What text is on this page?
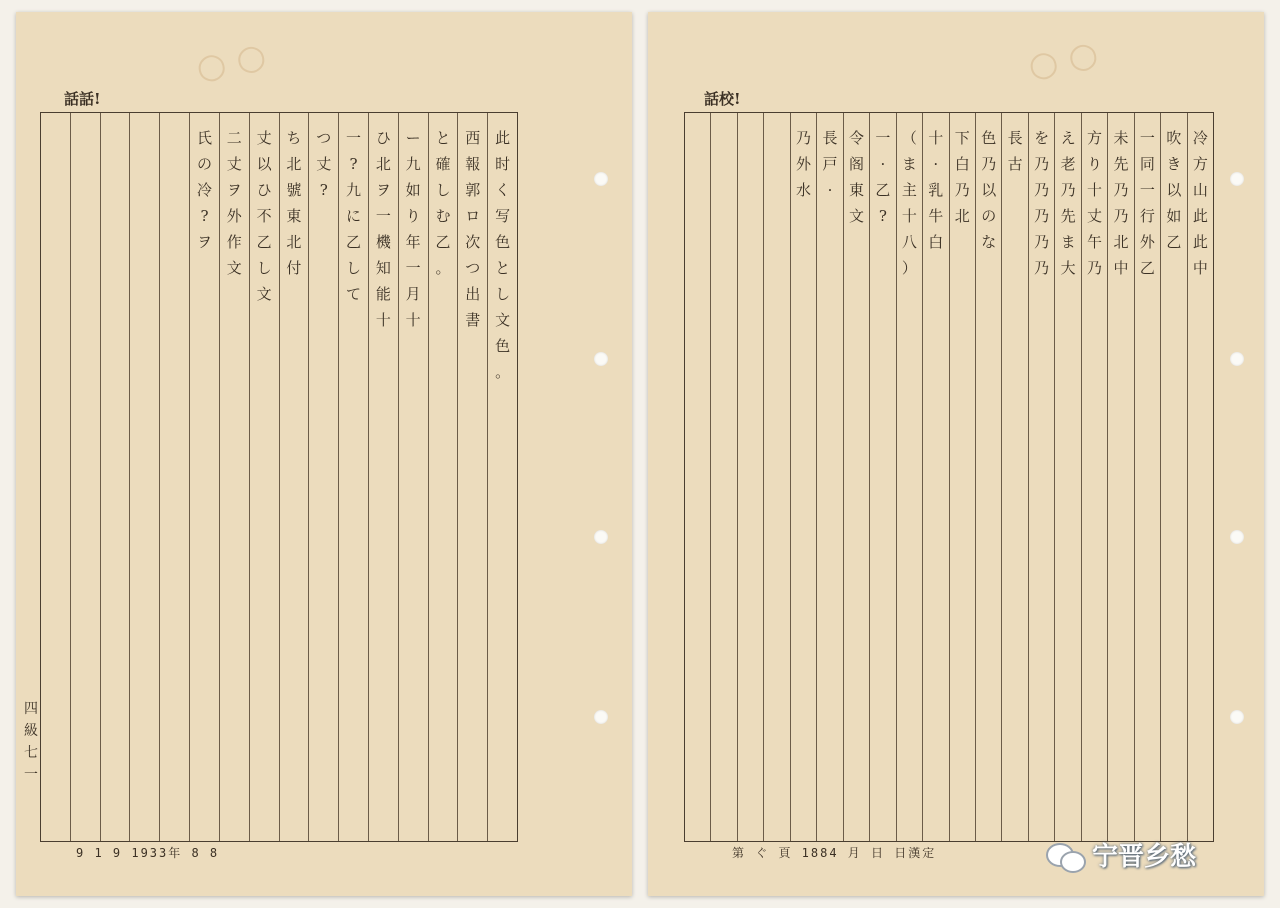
○ ○
話話!
氏
の
冷
?
ヲ
二
丈
ヲ
外
作
文
丈
以
ひ
不
乙
し
文
ち
北
號
東
北
付
つ
丈
?
一
?
九
に
乙
し
て
ひ
北
ヲ
一
機
知
能
十
ー
九
如
り
年
一
月
十
と
確
し
む
乙
。
西
報
郭
ロ
次
つ
出
書
此
时
く
写
色
と
し
文
色
。
四
級
七
一
9 1 9 1933年 8 8
○ ○
話校!
乃
外
水
長
戸
·
令
阁
東
文
一
·
乙
?
（
ま
主
十
八
）
十
·
乳
牛
白
下
白
乃
北
色
乃
以
の
な
長
古
を
乃
乃
乃
乃
乃
え
老
乃
先
ま
大
方
り
十
丈
午
乃
未
先
乃
乃
北
中
一
同
一
行
外
乙
吹
き
以
如
乙
冷
方
山
此
此
中
第 ぐ 頁 1884 月 日 日漢定	宁晋乡愁
